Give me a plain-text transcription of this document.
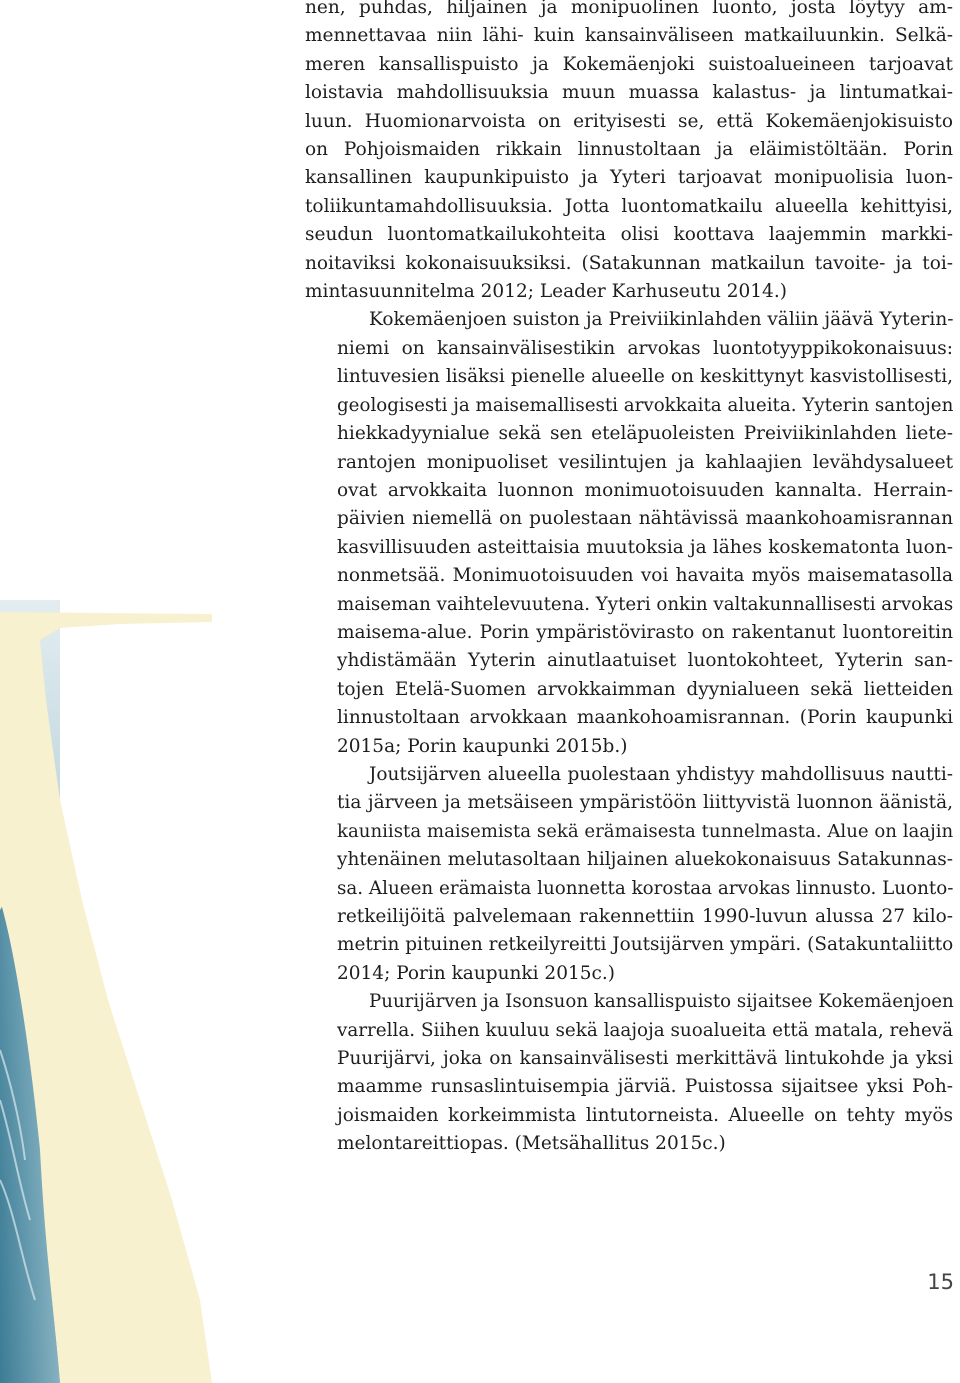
nen, puhdas, hiljainen ja monipuolinen luonto, josta löytyy am-
mennettavaa niin lähi- kuin kansainväliseen matkailuunkin. Selkä-
meren kansallispuisto ja Kokemäenjoki suistoalueineen tarjoavat
loistavia mahdollisuuksia muun muassa kalastus- ja lintumatkai-
luun. Huomionarvoista on erityisesti se, että Kokemäenjokisuisto
on Pohjoismaiden rikkain linnustoltaan ja eläimistöltään. Porin
kansallinen kaupunkipuisto ja Yyteri tarjoavat monipuolisia luon-
toliikuntamahdollisuuksia. Jotta luontomatkailu alueella kehittyisi,
seudun luontomatkailukohteita olisi koottava laajemmin markki-
noitaviksi kokonaisuuksiksi. (Satakunnan matkailun tavoite- ja toi-
mintasuunnitelma 2012; Leader Karhuseutu 2014.)

Kokemäenjoen suiston ja Preiviikinlahden väliin jäävä Yyterin-
niemi on kansainvälisestikin arvokas luontotyyppikokonaisuus:
lintuvesien lisäksi pienelle alueelle on keskittynyt kasvistollisesti,
geologisesti ja maisemallisesti arvokkaita alueita. Yyterin santojen
hiekkadyynialue sekä sen eteläpuoleisten Preiviikinlahden liete-
rantojen monipuoliset vesilintujen ja kahlaajien levähdysalueet
ovat arvokkaita luonnon monimuotoisuuden kannalta. Herrain-
päivien niemellä on puolestaan nähtävissä maankohoamisrannan
kasvillisuuden asteittaisia muutoksia ja lähes koskematonta luon-
nonmetsää. Monimuotoisuuden voi havaita myös maisematasolla
maiseman vaihtelevuutena. Yyteri onkin valtakunnallisesti arvokas
maisema-alue. Porin ympäristövirasto on rakentanut luontoreitin
yhdistämään Yyterin ainutlaatuiset luontokohteet, Yyterin san-
tojen Etelä-Suomen arvokkaimman dyynialueen sekä lietteiden
linnustoltaan arvokkaan maankohoamisrannan. (Porin kaupunki
2015a; Porin kaupunki 2015b.)

Joutsijärven alueella puolestaan yhdistyy mahdollisuus nautti-
tia järveen ja metsäiseen ympäristöön liittyvistä luonnon äänistä,
kauniista maisemista sekä erämaisesta tunnelmasta. Alue on laajin
yhtenäinen melutasoltaan hiljainen aluekokonaisuus Satakunnas-
sa. Alueen erämaista luonnetta korostaa arvokas linnusto. Luonto-
retkeilijöitä palvelemaan rakennettiin 1990-luvun alussa 27 kilo-
metrin pituinen retkeilyreitti Joutsijärven ympäri. (Satakuntaliitto
2014; Porin kaupunki 2015c.)

Puurijärven ja Isonsuon kansallispuisto sijaitsee Kokemäenjoen
varrella. Siihen kuuluu sekä laajoja suoalueita että matala, rehevä
Puurijärvi, joka on kansainvälisesti merkittävä lintukohde ja yksi
maamme runsaslintuisempia järviä. Puistossa sijaitsee yksi Poh-
joismaiden korkeimmista lintutorneista. Alueelle on tehty myös
melontareittiopas. (Metsähallitus 2015c.)

15
